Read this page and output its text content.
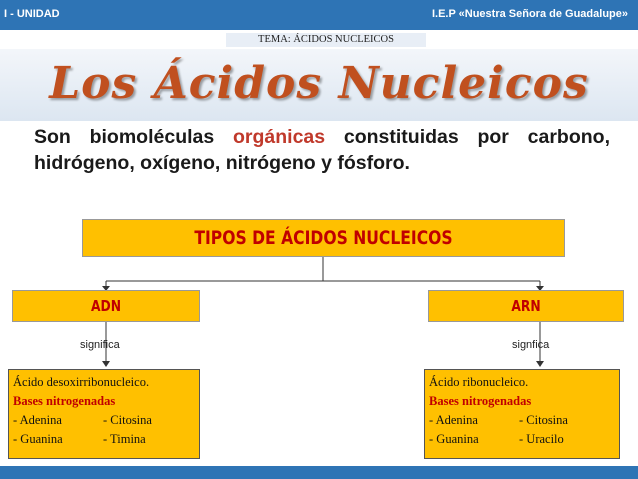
I - UNIDAD	I.E.P «Nuestra Señora de Guadalupe»
TEMA: ÁCIDOS NUCLEICOS
Los Ácidos Nucleicos
Son biomoléculas orgánicas constituidas por carbono, hidrógeno, oxígeno, nitrógeno y fósforo.
TIPOS DE ÁCIDOS NUCLEICOS
ADN	ARN
significa	signfica
Ácido desoxirribonucleico.
Bases nitrogenadas
- Adenina	- Citosina
- Guanina	- Timina
Ácido ribonucleico.
Bases nitrogenadas
- Adenina	- Citosina
- Guanina	- Uracilo
